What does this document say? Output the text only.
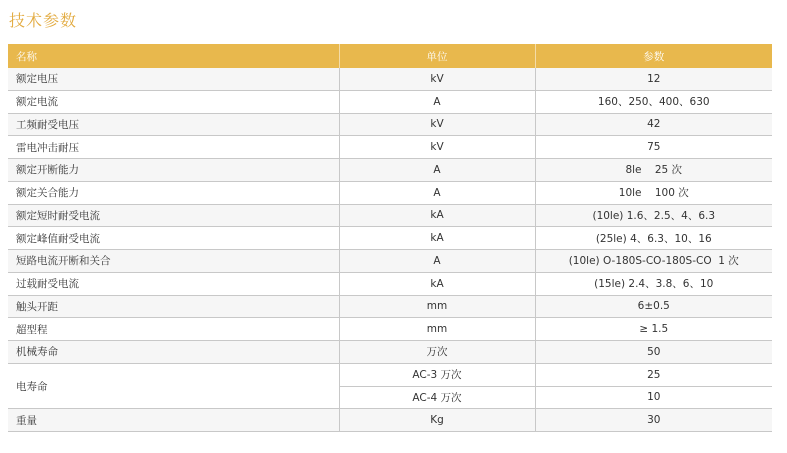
技术参数
名称	单位	参数
额定电压	kV	12
额定电流	A	160、250、400、630
工频耐受电压	kV	42
雷电冲击耐压	kV	75
额定开断能力	A	8le    25 次
额定关合能力	A	10le    100 次
额定短时耐受电流	kA	(10le) 1.6、2.5、4、6.3
额定峰值耐受电流	kA	(25le) 4、6.3、10、16
短路电流开断和关合	A	(10le) O-180S-CO-180S-CO  1 次
过载耐受电流	kA	(15le) 2.4、3.8、6、10
触头开距	mm	6±0.5
超型程	mm	≥ 1.5
机械寿命	万次	50
电寿命	AC-3 万次	25
	AC-4 万次	10
重量	Kg	30
